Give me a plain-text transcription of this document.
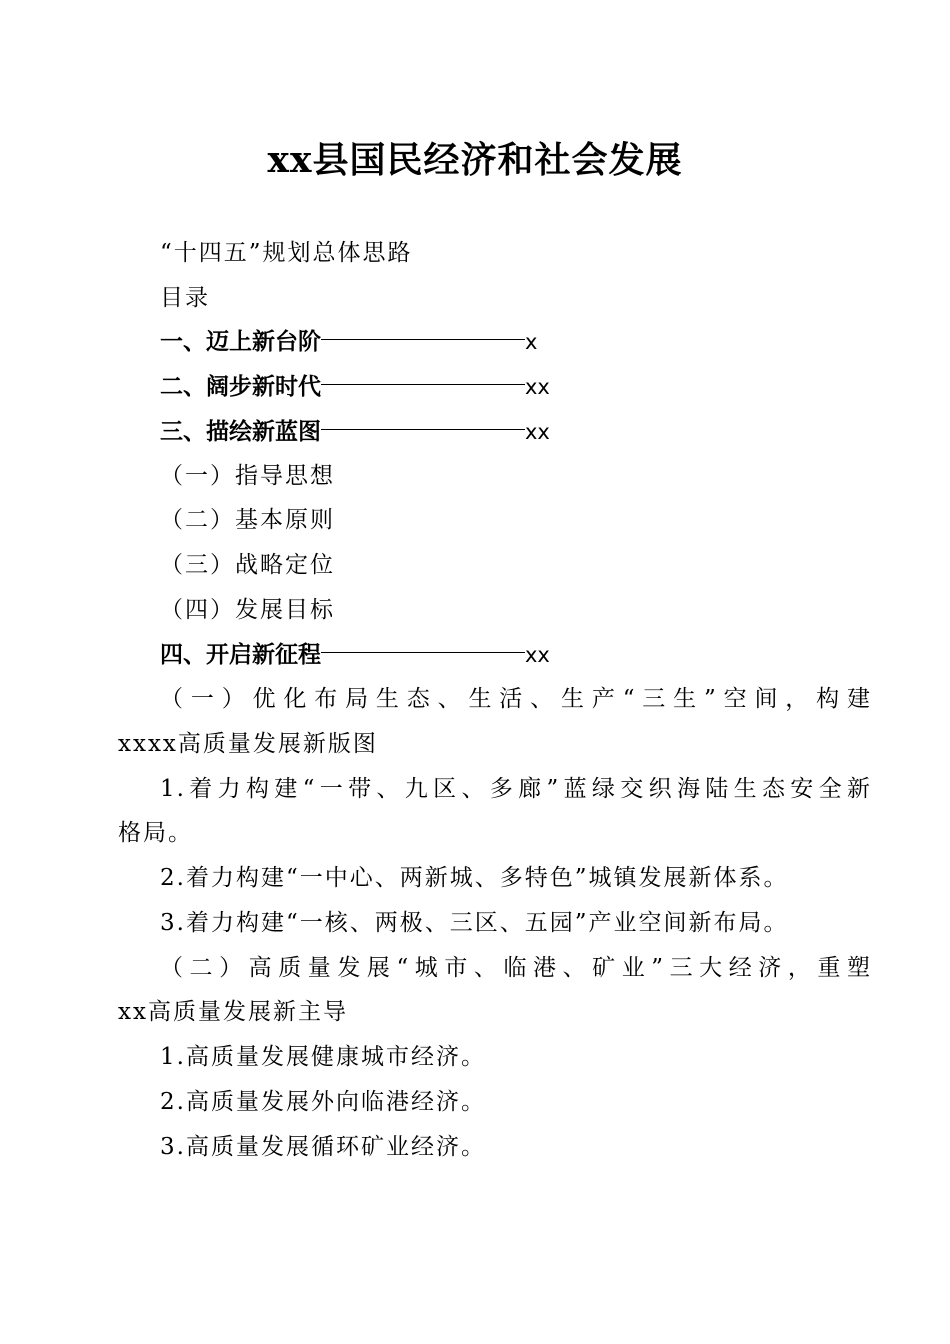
xx县国民经济和社会发展
“十四五”规划总体思路
目录
一、迈上新台阶	x
二、阔步新时代	xx
三、描绘新蓝图	xx
（一）指导思想
（二）基本原则
（三）战略定位
（四）发展目标
四、开启新征程	xx
（一）优化布局生态、生活、生产“三生”空间，构建
xxxx高质量发展新版图
1.着力构建“一带、九区、多廊”蓝绿交织海陆生态安全新
格局。
2.着力构建“一中心、两新城、多特色”城镇发展新体系。
3.着力构建“一核、两极、三区、五园”产业空间新布局。
（二）高质量发展“城市、临港、矿业”三大经济，重塑
xx高质量发展新主导
1.高质量发展健康城市经济。
2.高质量发展外向临港经济。
3.高质量发展循环矿业经济。
